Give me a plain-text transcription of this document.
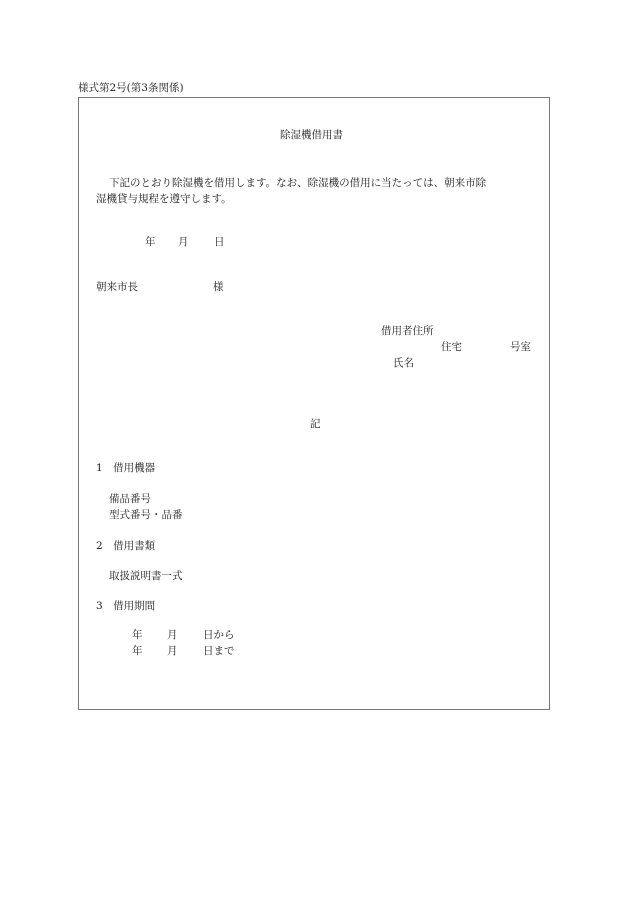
様式第2号(第3条関係)
除湿機借用書
下記のとおり除湿機を借用します。なお、除湿機の借用に当たっては、朝来市除
湿機貸与規程を遵守します。
年 月 日
朝来市長	様
借用者住所
住宅	号室
氏名
記
1　借用機器
備品番号
型式番号・品番
2　借用書類
取扱説明書一式
3　借用期間
年 月 日から
年 月 日まで
